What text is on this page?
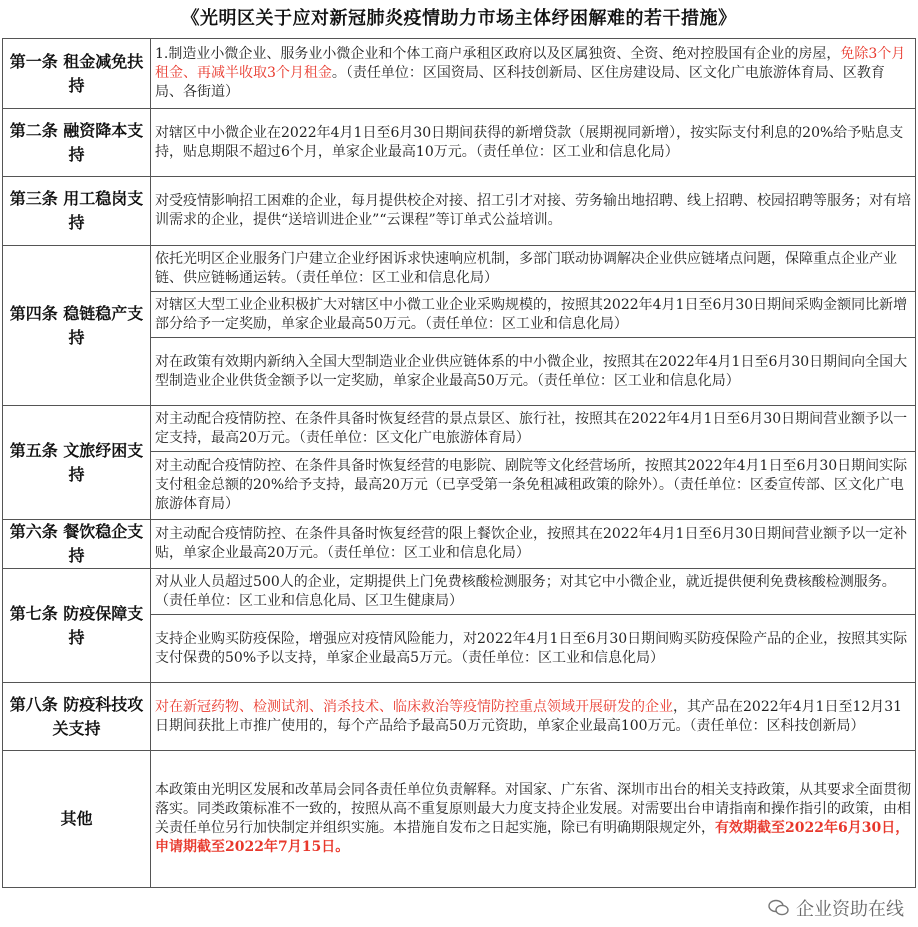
《光明区关于应对新冠肺炎疫情助力市场主体纾困解难的若干措施》
第一条 租金减免扶持	1.制造业小微企业、服务业小微企业和个体工商户承租区政府以及区属独资、全资、绝对控股国有企业的房屋，免除3个月租金、再减半收取3个月租金。（责任单位：区国资局、区科技创新局、区住房建设局、区文化广电旅游体育局、区教育局、各街道）
第二条 融资降本支持	对辖区中小微企业在2022年4月1日至6月30日期间获得的新增贷款（展期视同新增），按实际支付利息的20%给予贴息支持，贴息期限不超过6个月，单家企业最高10万元。（责任单位：区工业和信息化局）
第三条 用工稳岗支持	对受疫情影响招工困难的企业，每月提供校企对接、招工引才对接、劳务输出地招聘、线上招聘、校园招聘等服务；对有培训需求的企业，提供“送培训进企业”“云课程”等订单式公益培训。
第四条 稳链稳产支持	依托光明区企业服务门户建立企业纾困诉求快速响应机制，多部门联动协调解决企业供应链堵点问题，保障重点企业产业链、供应链畅通运转。（责任单位：区工业和信息化局）
	对辖区大型工业企业积极扩大对辖区中小微工业企业采购规模的，按照其2022年4月1日至6月30日期间采购金额同比新增部分给予一定奖励，单家企业最高50万元。（责任单位：区工业和信息化局）
	对在政策有效期内新纳入全国大型制造业企业供应链体系的中小微企业，按照其在2022年4月1日至6月30日期间向全国大型制造业企业供货金额予以一定奖励，单家企业最高50万元。（责任单位：区工业和信息化局）
第五条 文旅纾困支持	对主动配合疫情防控、在条件具备时恢复经营的景点景区、旅行社，按照其在2022年4月1日至6月30日期间营业额予以一定支持，最高20万元。（责任单位：区文化广电旅游体育局）
	对主动配合疫情防控、在条件具备时恢复经营的电影院、剧院等文化经营场所，按照其2022年4月1日至6月30日期间实际支付租金总额的20%给予支持，最高20万元（已享受第一条免租减租政策的除外）。（责任单位：区委宣传部、区文化广电旅游体育局）
第六条 餐饮稳企支持	对主动配合疫情防控、在条件具备时恢复经营的限上餐饮企业，按照其在2022年4月1日至6月30日期间营业额予以一定补贴，单家企业最高20万元。（责任单位：区工业和信息化局）
第七条 防疫保障支持	对从业人员超过500人的企业，定期提供上门免费核酸检测服务；对其它中小微企业，就近提供便利免费核酸检测服务。（责任单位：区工业和信息化局、区卫生健康局）
	支持企业购买防疫保险，增强应对疫情风险能力，对2022年4月1日至6月30日期间购买防疫保险产品的企业，按照其实际支付保费的50%予以支持，单家企业最高5万元。（责任单位：区工业和信息化局）
第八条 防疫科技攻关支持	对在新冠药物、检测试剂、消杀技术、临床救治等疫情防控重点领域开展研发的企业，其产品在2022年4月1日至12月31日期间获批上市推广使用的，每个产品给予最高50万元资助，单家企业最高100万元。（责任单位：区科技创新局）
其他	本政策由光明区发展和改革局会同各责任单位负责解释。对国家、广东省、深圳市出台的相关支持政策，从其要求全面贯彻落实。同类政策标准不一致的，按照从高不重复原则最大力度支持企业发展。对需要出台申请指南和操作指引的政策，由相关责任单位另行加快制定并组织实施。本措施自发布之日起实施，除已有明确期限规定外，有效期截至2022年6月30日，申请期截至2022年7月15日。
企业资助在线
